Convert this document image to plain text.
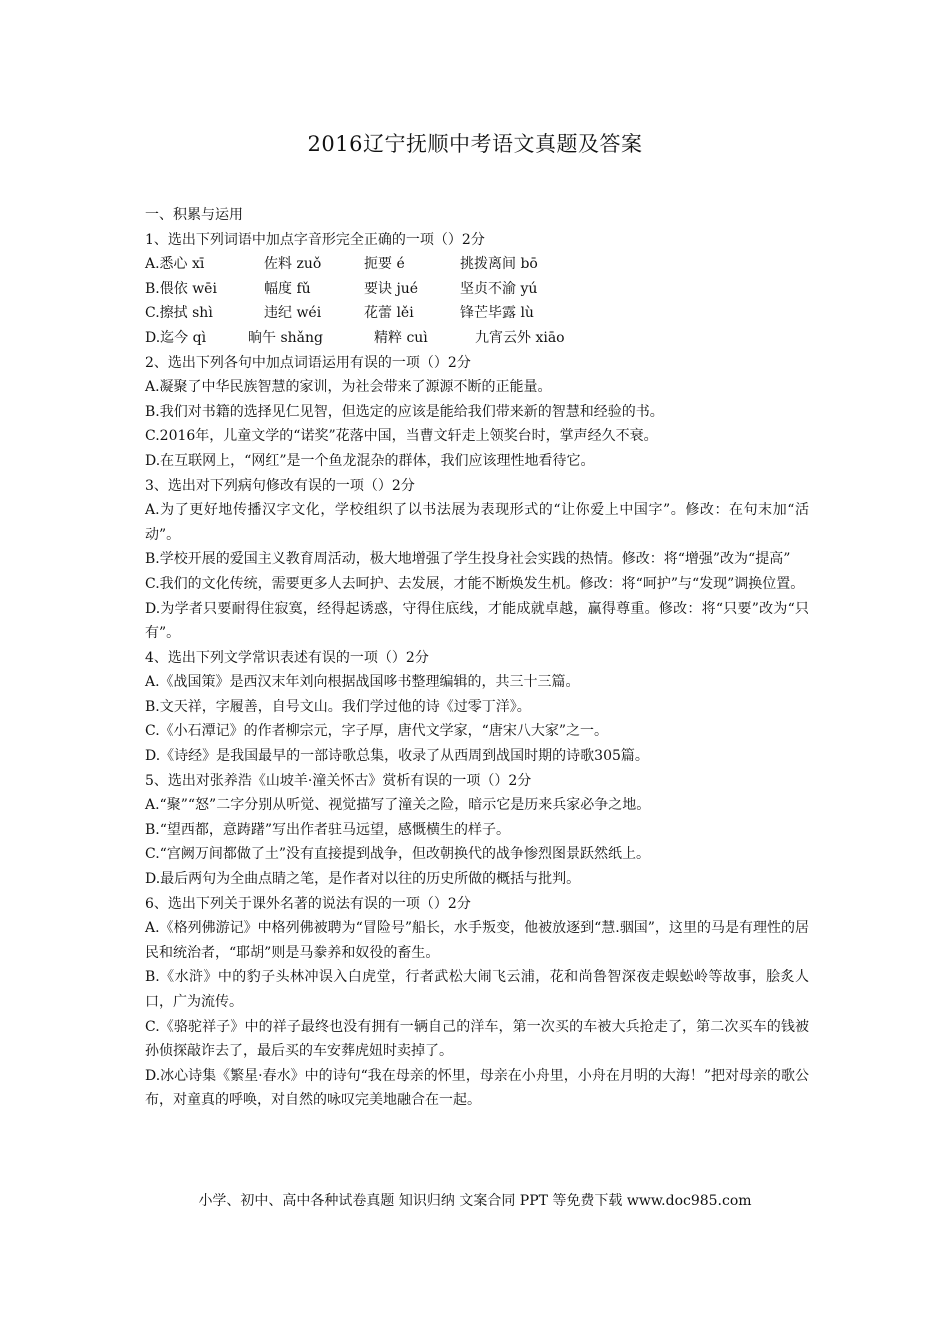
2016辽宁抚顺中考语文真题及答案

一、积累与运用

1、选出下列词语中加点字音形完全正确的一项（）2分

A.悉心 xī	佐料 zuǒ	扼要 é	挑拨离间 bō
B.偎依 wēi	幅度 fǔ	要诀 jué	坚贞不渝 yú
C.擦拭 shì	违纪 wéi	花蕾 lěi	锋芒毕露 lù
D.迄今 qì	晌午 shǎng	精粹 cuì	九宵云外 xiāo

2、选出下列各句中加点词语运用有误的一项（）2分

A.凝聚了中华民族智慧的家训，为社会带来了源源不断的正能量。

B.我们对书籍的选择见仁见智，但选定的应该是能给我们带来新的智慧和经验的书。

C.2016年，儿童文学的“诺奖”花落中国，当曹文轩走上领奖台时，掌声经久不衰。

D.在互联网上，“网红”是一个鱼龙混杂的群体，我们应该理性地看待它。

3、选出对下列病句修改有误的一项（）2分

A.为了更好地传播汉字文化，学校组织了以书法展为表现形式的“让你爱上中国字”。修改：在句末加“活动”。

B.学校开展的爱国主义教育周活动，极大地增强了学生投身社会实践的热情。修改：将“增强”改为“提高”

C.我们的文化传统，需要更多人去呵护、去发展，才能不断焕发生机。修改：将“呵护”与“发现”调换位置。

D.为学者只要耐得住寂寞，经得起诱惑，守得住底线，才能成就卓越，赢得尊重。修改：将“只要”改为“只有”。

4、选出下列文学常识表述有误的一项（）2分

A.《战国策》是西汉末年刘向根据战国哆书整理编辑的，共三十三篇。

B.文天祥，字履善，自号文山。我们学过他的诗《过零丁洋》。

C.《小石潭记》的作者柳宗元，字子厚，唐代文学家，“唐宋八大家”之一。

D.《诗经》是我国最早的一部诗歌总集，收录了从西周到战国时期的诗歌305篇。

5、选出对张养浩《山坡羊·潼关怀古》赏析有误的一项（）2分

A.“聚”“怒”二字分别从听觉、视觉描写了潼关之险，暗示它是历来兵家必争之地。

B.“望西都，意踌躇”写出作者驻马远望，感慨横生的样子。

C.“宫阙万间都做了土”没有直接提到战争，但改朝换代的战争惨烈图景跃然纸上。

D.最后两句为全曲点睛之笔，是作者对以往的历史所做的概括与批判。

6、选出下列关于课外名著的说法有误的一项（）2分

A.《格列佛游记》中格列佛被聘为“冒险号”船长，水手叛变，他被放逐到“慧.骃国”，这里的马是有理性的居民和统治者，“耶胡”则是马豢养和奴役的畜生。

B.《水浒》中的豹子头林冲误入白虎堂，行者武松大闹飞云浦，花和尚鲁智深夜走蜈蚣岭等故事，脍炙人口，广为流传。

C.《骆驼祥子》中的祥子最终也没有拥有一辆自己的洋车，第一次买的车被大兵抢走了，第二次买车的钱被孙侦探敲诈去了，最后买的车安葬虎妞时卖掉了。

D.冰心诗集《繁星·春水》中的诗句“我在母亲的怀里，母亲在小舟里，小舟在月明的大海！”把对母亲的歌公布，对童真的呼唤，对自然的咏叹完美地融合在一起。

小学、初中、高中各种试卷真题 知识归纳 文案合同 PPT 等免费下载 www.doc985.com
